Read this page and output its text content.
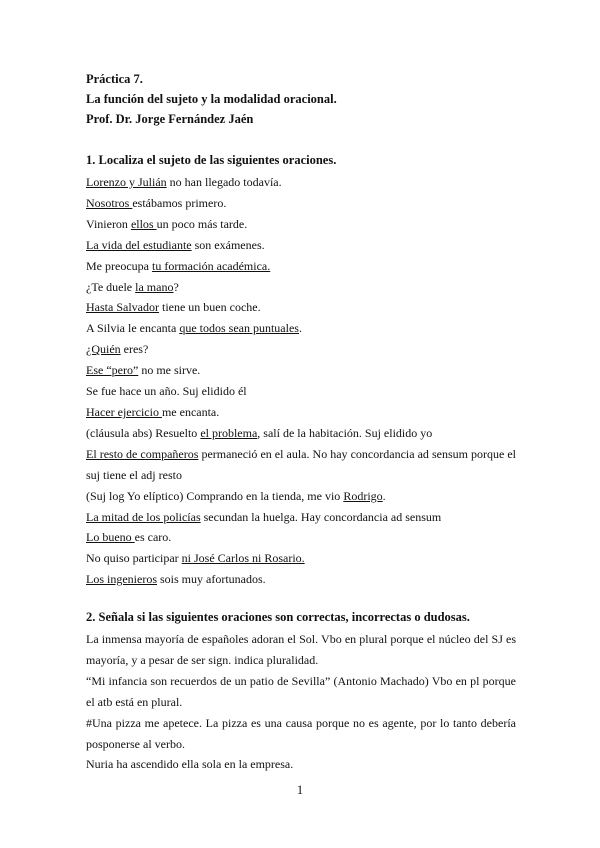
Práctica 7.

La función del sujeto y la modalidad oracional.

Prof. Dr. Jorge Fernández Jaén

1. Localiza el sujeto de las siguientes oraciones.

Lorenzo y Julián no han llegado todavía.

Nosotros estábamos primero.

Vinieron ellos un poco más tarde.

La vida del estudiante son exámenes.

Me preocupa tu formación académica.

¿Te duele la mano?

Hasta Salvador tiene un buen coche.

A Silvia le encanta que todos sean puntuales.

¿Quién eres?

Ese “pero” no me sirve.

Se fue hace un año. Suj elidido él

Hacer ejercicio me encanta.

(cláusula abs) Resuelto el problema, salí de la habitación. Suj elidido yo

El resto de compañeros permaneció en el aula. No hay concordancia ad sensum porque el suj tiene el adj resto

(Suj log Yo elíptico) Comprando en la tienda, me vio Rodrigo.

La mitad de los policías secundan la huelga. Hay concordancia ad sensum

Lo bueno es caro.

No quiso participar ni José Carlos ni Rosario.

Los ingenieros sois muy afortunados.

2. Señala si las siguientes oraciones son correctas, incorrectas o dudosas.

La inmensa mayoría de españoles adoran el Sol. Vbo en plural porque el núcleo del SJ es mayoría, y a pesar de ser sign. indica pluralidad.

“Mi infancia son recuerdos de un patio de Sevilla” (Antonio Machado) Vbo en pl porque el atb está en plural.

#Una pizza me apetece. La pizza es una causa porque no es agente, por lo tanto debería posponerse al verbo.

Nuria ha ascendido ella sola en la empresa.

1
